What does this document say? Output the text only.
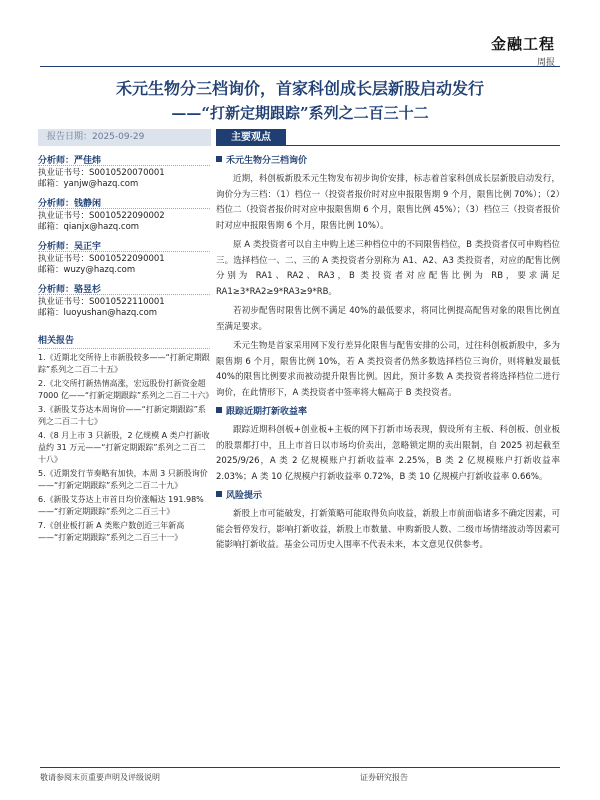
金融工程
周报
禾元生物分三档询价，首家科创成长层新股启动发行
——“打新定期跟踪”系列之二百三十二
报告日期：2025-09-29	主要观点
分析师：严佳炜
执业证书号：S0010520070001
邮箱：yanjw@hazq.com
分析师：钱静闲
执业证书号：S0010522090002
邮箱：qianjx@hazq.com
分析师：吴正宇
执业证书号：S0010522090001
邮箱：wuzy@hazq.com
分析师：骆昱杉
执业证书号：S0010522110001
邮箱：luoyushan@hazq.com
相关报告
1.《近期北交所待上市新股较多——“打新定期跟踪”系列之二百二十五》
2.《北交所打新热情高涨，宏远股份打新资金超 7000 亿——“打新定期跟踪”系列之二百二十六》
3.《新股艾芬达本周询价——“打新定期跟踪”系列之二百二十七》
4.《8 月上市 3 只新股，2 亿规模 A 类户打新收益约 31 万元——“打新定期跟踪”系列之二百二十八》
5.《近期发行节奏略有加快，本周 3 只新股询价——“打新定期跟踪”系列之二百二十九》
6.《新股艾芬达上市首日均价涨幅达 191.98%——“打新定期跟踪”系列之二百三十》
7.《创业板打新 A 类账户数创近三年新高——“打新定期跟踪”系列之二百三十一》
禾元生物分三档询价

近期，科创板新股禾元生物发布初步询价安排，标志着首家科创成长层新股启动发行，询价分为三档：（1）档位一（投资者报价时对应申报限售期 9 个月，限售比例 70%）；（2）档位二（投资者报价时对应申报限售期 6 个月，限售比例 45%）；（3）档位三（投资者报价时对应申报限售期 6 个月，限售比例 10%）。

原 A 类投资者可以自主申购上述三种档位中的不同限售档位，B 类投资者仅可申购档位三。选择档位一、二、三的 A 类投资者分别称为 A1、A2、A3 类投资者，对应的配售比例分别为 RA1、RA2、RA3，B 类投资者对应配售比例为 RB，要求满足 RA1≥3*RA2≥9*RA3≥9*RB。

若初步配售时限售比例不满足 40%的最低要求，将同比例提高配售对象的限售比例直至满足要求。

禾元生物是首家采用网下发行差异化限售与配售安排的公司，过往科创板新股中，多为限售期 6 个月，限售比例 10%，若 A 类投资者仍然多数选择档位三询价，则将触发最低 40%的限售比例要求而被动提升限售比例。因此，预计多数 A 类投资者将选择档位二进行询价，在此情形下，A 类投资者中签率将大幅高于 B 类投资者。

跟踪近期打新收益率

跟踪近期科创板+创业板+主板的网下打新市场表现，假设所有主板、科创板、创业板的股票都打中，且上市首日以市场均价卖出，忽略锁定期的卖出限制，自 2025 初起截至 2025/9/26，A 类 2 亿规模账户打新收益率 2.25%，B 类 2 亿规模账户打新收益率 2.03%；A 类 10 亿规模户打新收益率 0.72%，B 类 10 亿规模户打新收益率 0.66%。

风险提示

新股上市可能破发，打新策略可能取得负向收益，新股上市前面临诸多不确定因素，可能会暂停发行，影响打新收益，新股上市数量、申购新股人数、二级市场情绪波动等因素可能影响打新收益。基金公司历史入围率不代表未来，本文意见仅供参考。

敬请参阅末页重要声明及评级说明	证券研究报告
